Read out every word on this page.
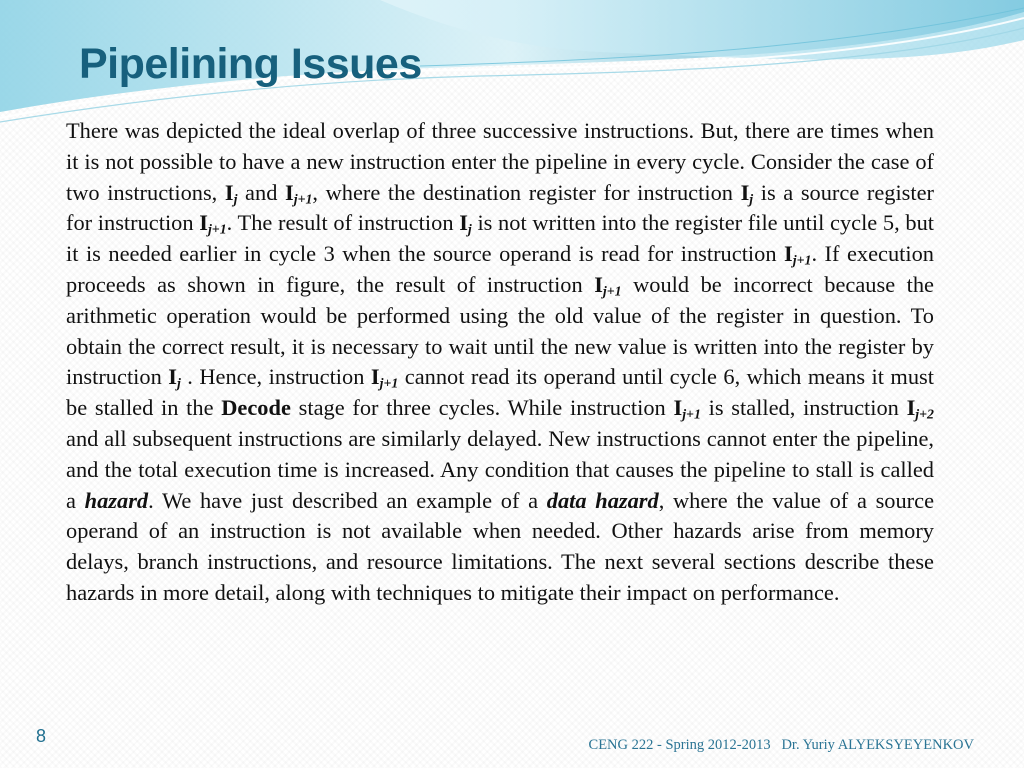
Pipelining Issues

There was depicted the ideal overlap of three successive instructions. But, there are times when it is not possible to have a new instruction enter the pipeline in every cycle. Consider the case of two instructions, $I_j$ and $I_{j+1}$, where the destination register for instruction $I_j$ is a source register for instruction $I_{j+1}$. The result of instruction $I_j$ is not written into the register file until cycle 5, but it is needed earlier in cycle 3 when the source operand is read for instruction $I_{j+1}$. If execution proceeds as shown in figure, the result of instruction $I_{j+1}$ would be incorrect because the arithmetic operation would be performed using the old value of the register in question. To obtain the correct result, it is necessary to wait until the new value is written into the register by instruction $I_j$ . Hence, instruction $I_{j+1}$ cannot read its operand until cycle 6, which means it must be stalled in the Decode stage for three cycles. While instruction $I_{j+1}$ is stalled, instruction $I_{j+2}$ and all subsequent instructions are similarly delayed. New instructions cannot enter the pipeline, and the total execution time is increased. Any condition that causes the pipeline to stall is called a hazard. We have just described an example of a data hazard, where the value of a source operand of an instruction is not available when needed. Other hazards arise from memory delays, branch instructions, and resource limitations. The next several sections describe these hazards in more detail, along with techniques to mitigate their impact on performance.

8	CENG 222 - Spring 2012-2013   Dr. Yuriy ALYEKSYEYENKOV
